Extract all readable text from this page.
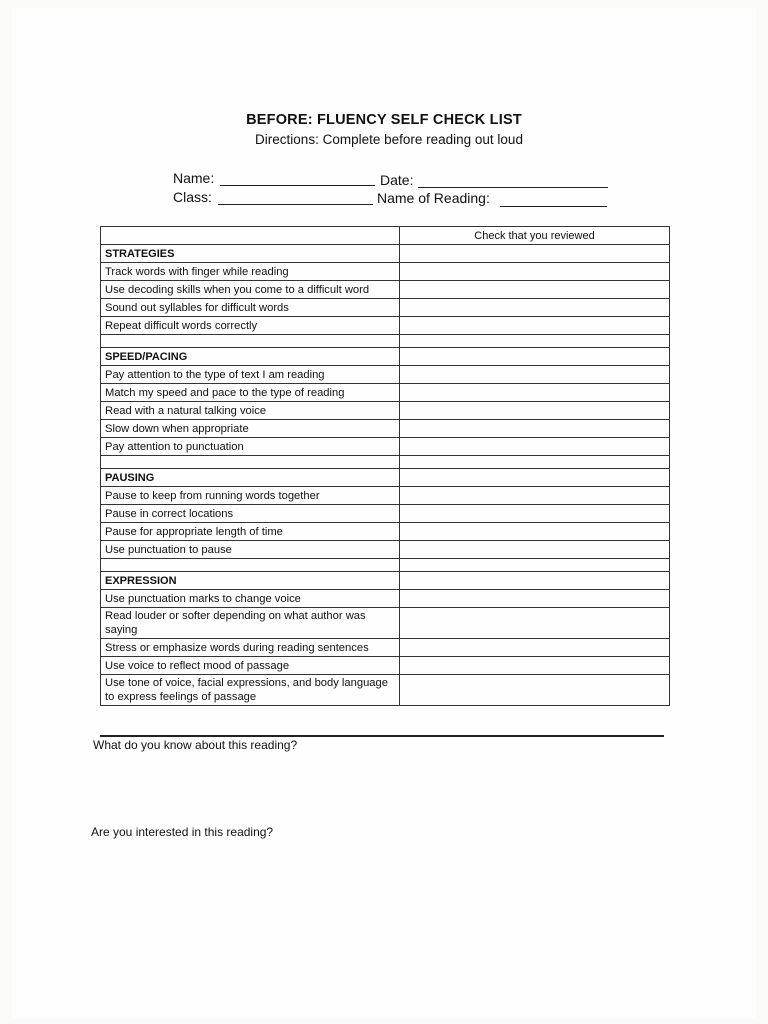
BEFORE: FLUENCY SELF CHECK LIST
Directions: Complete before reading out loud
Name:	Date:
Class:	Name of Reading:
	Check that you reviewed
STRATEGIES	
Track words with finger while reading	
Use decoding skills when you come to a difficult word	
Sound out syllables for difficult words	
Repeat difficult words correctly	

SPEED/PACING	
Pay attention to the type of text I am reading	
Match my speed and pace to the type of reading	
Read with a natural talking voice	
Slow down when appropriate	
Pay attention to punctuation	

PAUSING	
Pause to keep from running words together	
Pause in correct locations	
Pause for appropriate length of time	
Use punctuation to pause	

EXPRESSION	
Use punctuation marks to change voice	
Read louder or softer depending on what author was saying	
Stress or emphasize words during reading sentences	
Use voice to reflect mood of passage	
Use tone of voice, facial expressions, and body language to express feelings of passage	
What do you know about this reading?
Are you interested in this reading?
